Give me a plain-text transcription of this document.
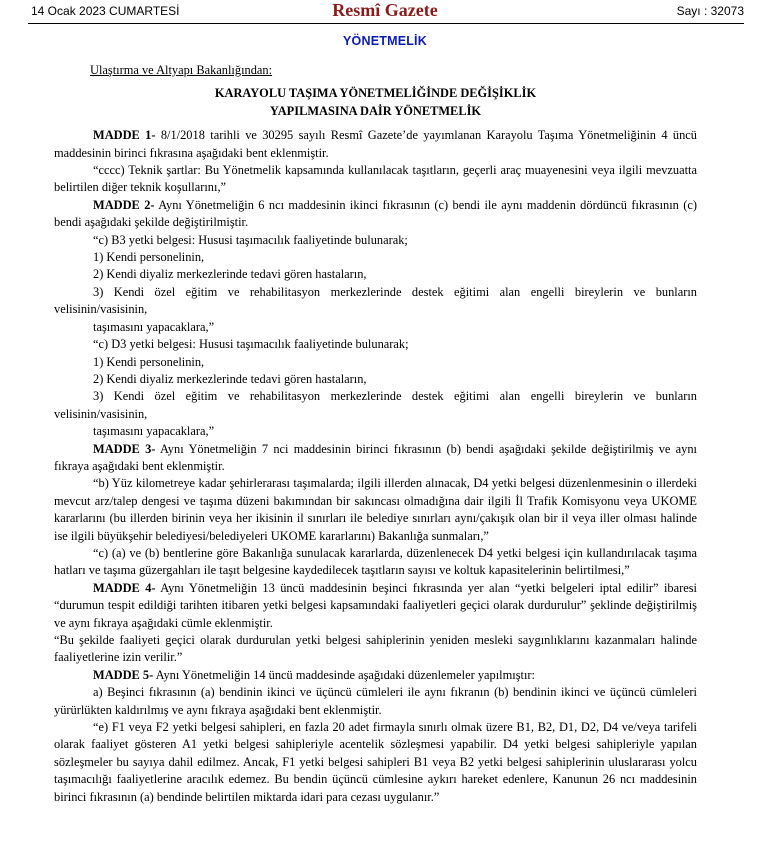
14 Ocak 2023 CUMARTESİ	Resmî Gazete	Sayı : 32073
YÖNETMELİK
Ulaştırma ve Altyapı Bakanlığından:

KARAYOLU TAŞIMA YÖNETMELİĞİNDE DEĞİŞİKLİK

YAPILMASINA DAİR YÖNETMELİK

MADDE 1- 8/1/2018 tarihli ve 30295 sayılı Resmî Gazete’de yayımlanan Karayolu Taşıma Yönetmeliğinin 4 üncü maddesinin birinci fıkrasına aşağıdaki bent eklenmiştir.

“cccc) Teknik şartlar: Bu Yönetmelik kapsamında kullanılacak taşıtların, geçerli araç muayenesini veya ilgili mevzuatta belirtilen diğer teknik koşullarını,”

MADDE 2- Aynı Yönetmeliğin 6 ncı maddesinin ikinci fıkrasının (c) bendi ile aynı maddenin dördüncü fıkrasının (c) bendi aşağıdaki şekilde değiştirilmiştir.

“c) B3 yetki belgesi: Hususi taşımacılık faaliyetinde bulunarak;

1) Kendi personelinin,

2) Kendi diyaliz merkezlerinde tedavi gören hastaların,

3) Kendi özel eğitim ve rehabilitasyon merkezlerinde destek eğitimi alan engelli bireylerin ve bunların velisinin/vasisinin,

taşımasını yapacaklara,”

“c) D3 yetki belgesi: Hususi taşımacılık faaliyetinde bulunarak;

1) Kendi personelinin,

2) Kendi diyaliz merkezlerinde tedavi gören hastaların,

3) Kendi özel eğitim ve rehabilitasyon merkezlerinde destek eğitimi alan engelli bireylerin ve bunların velisinin/vasisinin,

taşımasını yapacaklara,”

MADDE 3- Aynı Yönetmeliğin 7 nci maddesinin birinci fıkrasının (b) bendi aşağıdaki şekilde değiştirilmiş ve aynı fıkraya aşağıdaki bent eklenmiştir.

“b) Yüz kilometreye kadar şehirlerarası taşımalarda; ilgili illerden alınacak, D4 yetki belgesi düzenlenmesinin o illerdeki mevcut arz/talep dengesi ve taşıma düzeni bakımından bir sakıncası olmadığına dair ilgili İl Trafik Komisyonu veya UKOME kararlarını (bu illerden birinin veya her ikisinin il sınırları ile belediye sınırları aynı/çakışık olan bir il veya iller olması halinde ise ilgili büyükşehir belediyesi/belediyeleri UKOME kararlarını) Bakanlığa sunmaları,”

“c) (a) ve (b) bentlerine göre Bakanlığa sunulacak kararlarda, düzenlenecek D4 yetki belgesi için kullandırılacak taşıma hatları ve taşıma güzergahları ile taşıt belgesine kaydedilecek taşıtların sayısı ve koltuk kapasitelerinin belirtilmesi,”

MADDE 4- Aynı Yönetmeliğin 13 üncü maddesinin beşinci fıkrasında yer alan “yetki belgeleri iptal edilir” ibaresi “durumun tespit edildiği tarihten itibaren yetki belgesi kapsamındaki faaliyetleri geçici olarak durdurulur” şeklinde değiştirilmiş ve aynı fıkraya aşağıdaki cümle eklenmiştir.

“Bu şekilde faaliyeti geçici olarak durdurulan yetki belgesi sahiplerinin yeniden mesleki saygınlıklarını kazanmaları halinde faaliyetlerine izin verilir.”

MADDE 5- Aynı Yönetmeliğin 14 üncü maddesinde aşağıdaki düzenlemeler yapılmıştır:

a) Beşinci fıkrasının (a) bendinin ikinci ve üçüncü cümleleri ile aynı fıkranın (b) bendinin ikinci ve üçüncü cümleleri yürürlükten kaldırılmış ve aynı fıkraya aşağıdaki bent eklenmiştir.

“e) F1 veya F2 yetki belgesi sahipleri, en fazla 20 adet firmayla sınırlı olmak üzere B1, B2, D1, D2, D4 ve/veya tarifeli olarak faaliyet gösteren A1 yetki belgesi sahipleriyle acentelik sözleşmesi yapabilir. D4 yetki belgesi sahipleriyle yapılan sözleşmeler bu sayıya dahil edilmez. Ancak, F1 yetki belgesi sahipleri B1 veya B2 yetki belgesi sahiplerinin uluslararası yolcu taşımacılığı faaliyetlerine aracılık edemez. Bu bendin üçüncü cümlesine aykırı hareket edenlere, Kanunun 26 ncı maddesinin birinci fıkrasının (a) bendinde belirtilen miktarda idari para cezası uygulanır.”
